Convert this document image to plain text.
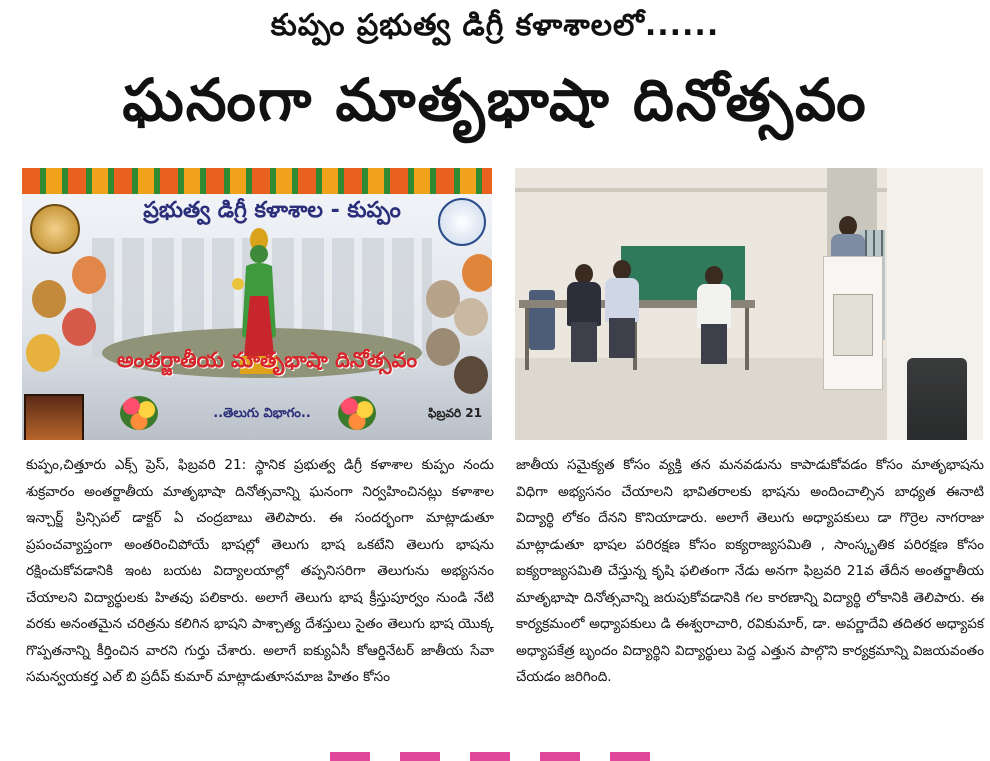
కుప్పం ప్రభుత్వ డిగ్రీ కళాశాలలో......
ఘనంగా మాతృభాషా దినోత్సవం
ప్రభుత్వ డిగ్రీ కళాశాల - కుప్పం
అంతర్జాతీయ మాతృభాషా దినోత్సవం
..తెలుగు విభాగం..	ఫిబ్రవరి 21
కుప్పం,చిత్తూరు ఎక్స్ ప్రెస్, ఫిబ్రవరి 21: స్థానిక ప్రభుత్వ డిగ్రీ కళాశాల కుప్పం నందు శుక్రవారం అంతర్జాతీయ మాతృభాషా దినోత్సవాన్ని ఘనంగా నిర్వహించినట్లు కళాశాల ఇన్చార్జ్ ప్రిన్సిపల్ డాక్టర్ ఏ చంద్రబాబు తెలిపారు. ఈ సందర్భంగా మాట్లాడుతూ ప్రపంచవ్యాప్తంగా అంతరించిపోయే భాషల్లో తెలుగు భాష ఒకటేని తెలుగు భాషను రక్షించుకోవడానికి ఇంట బయట విద్యాలయాల్లో తప్పనిసరిగా తెలుగును అభ్యసనం చేయాలని విద్యార్థులకు హితవు పలికారు. అలాగే తెలుగు భాష క్రీస్తుపూర్వం నుండి నేటి వరకు అనంతమైన చరిత్రను కలిగిన భాషని పాశ్చాత్య దేశస్తులు సైతం తెలుగు భాష యొక్క గొప్పతనాన్ని కీర్తించిన వారని గుర్తు చేశారు. అలాగే ఐక్యుఏసీ కోఆర్డినేటర్ జాతీయ సేవా సమన్వయకర్త ఎల్ బి ప్రదీప్ కుమార్ మాట్లాడుతూసమాజ హితం కోసం
జాతీయ సమైక్యత కోసం వ్యక్తి తన మనవడును కాపాడుకోవడం కోసం మాతృభాషను విధిగా అభ్యసనం చేయాలని భావితరాలకు భాషను అందించాల్సిన బాధ్యత ఈనాటి విద్యార్థి లోకం దేనని కొనియాడారు. అలాగే తెలుగు అధ్యాపకులు డా గొర్రెల నాగరాజు మాట్లాడుతూ భాషల పరిరక్షణ కోసం ఐక్యరాజ్యసమితి , సాంస్కృతిక పరిరక్షణ కోసం ఐక్యరాజ్యసమితి చేస్తున్న కృషి ఫలితంగా నేడు అనగా ఫిబ్రవరి 21వ తేదీన అంతర్జాతీయ మాతృభాషా దినోత్సవాన్ని జరుపుకోవడానికి గల కారణాన్ని విద్యార్థి లోకానికి తెలిపారు. ఈ కార్యక్రమంలో అధ్యాపకులు డి ఈశ్వరాచారి, రవికుమార్, డా. అపర్ణాదేవి తదితర అధ్యాపక అధ్యాపకేత్ర బృందం విద్యార్థిని విద్యార్థులు పెద్ద ఎత్తున పాల్గొని కార్యక్రమాన్ని విజయవంతం చేయడం జరిగింది.
